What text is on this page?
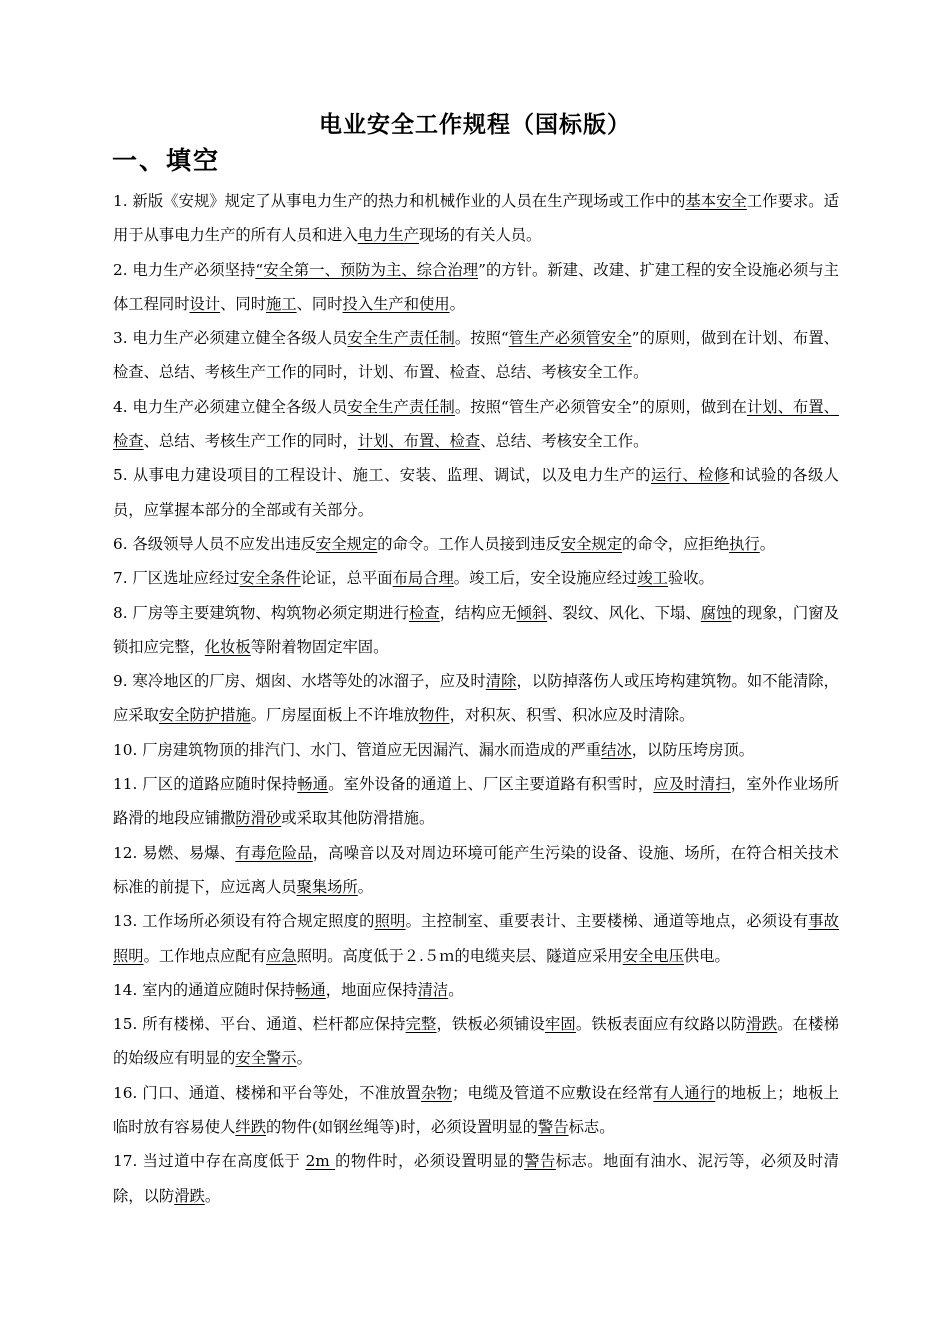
电业安全工作规程（国标版）
一、填空

1. 新版《安规》规定了从事电力生产的热力和机械作业的人员在生产现场或工作中的基本安全工作要求。适用于从事电力生产的所有人员和进入电力生产现场的有关人员。

2. 电力生产必须坚持“安全第一、预防为主、综合治理”的方针。新建、改建、扩建工程的安全设施必须与主体工程同时设计、同时施工、同时投入生产和使用。

3. 电力生产必须建立健全各级人员安全生产责任制。按照“管生产必须管安全”的原则，做到在计划、布置、检查、总结、考核生产工作的同时，计划、布置、检查、总结、考核安全工作。

4. 电力生产必须建立健全各级人员安全生产责任制。按照“管生产必须管安全”的原则，做到在计划、布置、检查、总结、考核生产工作的同时，计划、布置、检查、总结、考核安全工作。

5. 从事电力建设项目的工程设计、施工、安装、监理、调试，以及电力生产的运行、检修和试验的各级人员，应掌握本部分的全部或有关部分。

6. 各级领导人员不应发出违反安全规定的命令。工作人员接到违反安全规定的命令，应拒绝执行。

7. 厂区选址应经过安全条件论证，总平面布局合理。竣工后，安全设施应经过竣工验收。

8. 厂房等主要建筑物、构筑物必须定期进行检查，结构应无倾斜、裂纹、风化、下塌、腐蚀的现象，门窗及锁扣应完整，化妆板等附着物固定牢固。

9. 寒冷地区的厂房、烟囱、水塔等处的冰溜子，应及时清除，以防掉落伤人或压垮构建筑物。如不能清除，应采取安全防护措施。厂房屋面板上不许堆放物件，对积灰、积雪、积冰应及时清除。

10. 厂房建筑物顶的排汽门、水门、管道应无因漏汽、漏水而造成的严重结冰，以防压垮房顶。

11. 厂区的道路应随时保持畅通。室外设备的通道上、厂区主要道路有积雪时，应及时清扫，室外作业场所路滑的地段应铺撒防滑砂或采取其他防滑措施。

12. 易燃、易爆、有毒危险品，高噪音以及对周边环境可能产生污染的设备、设施、场所，在符合相关技术标准的前提下，应远离人员聚集场所。

13. 工作场所必须设有符合规定照度的照明。主控制室、重要表计、主要楼梯、通道等地点，必须设有事故照明。工作地点应配有应急照明。高度低于２.５ｍ的电缆夹层、隧道应采用安全电压供电。

14. 室内的通道应随时保持畅通，地面应保持清洁。

15. 所有楼梯、平台、通道、栏杆都应保持完整，铁板必须铺设牢固。铁板表面应有纹路以防滑跌。在楼梯的始级应有明显的安全警示。

16. 门口、通道、楼梯和平台等处，不准放置杂物；电缆及管道不应敷设在经常有人通行的地板上；地板上临时放有容易使人绊跌的物件(如钢丝绳等)时，必须设置明显的警告标志。

17. 当过道中存在高度低于 2m 的物件时，必须设置明显的警告标志。地面有油水、泥污等，必须及时清除，以防滑跌。
